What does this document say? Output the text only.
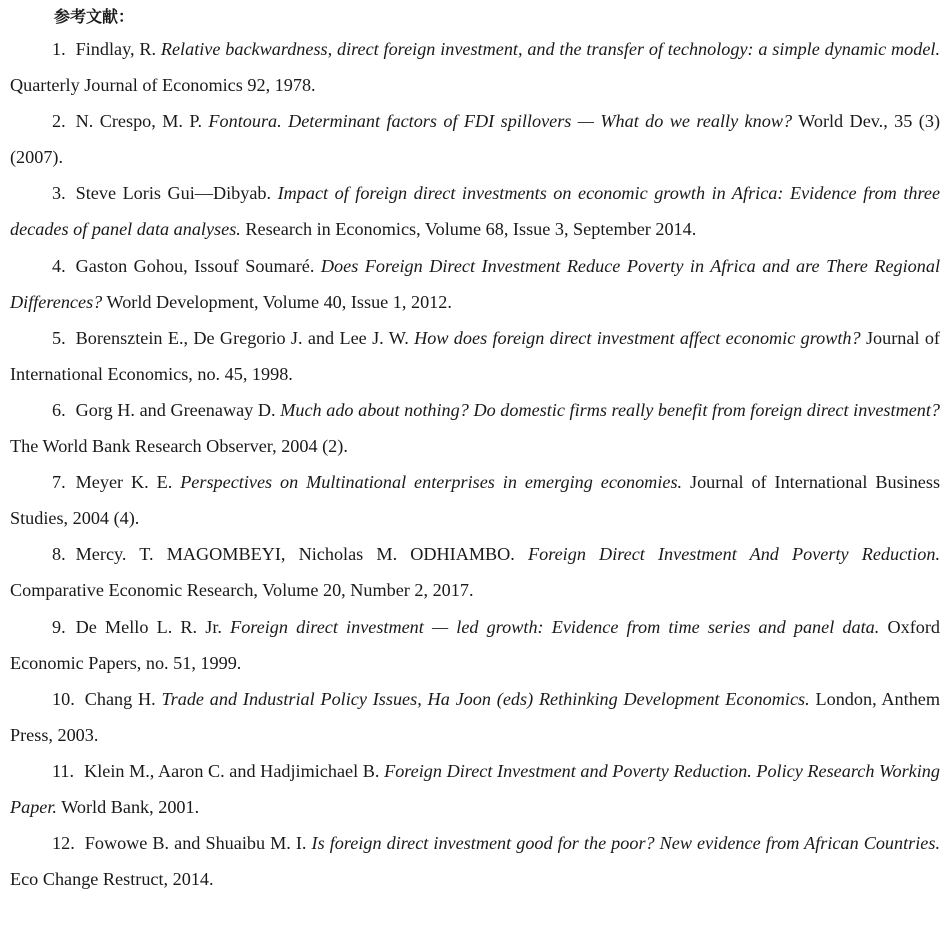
参考文献：

1. Findlay, R. Relative backwardness, direct foreign investment, and the transfer of technology: a simple dynamic model. Quarterly Journal of Economics 92, 1978.

2. N. Crespo, M. P. Fontoura. Determinant factors of FDI spillovers — What do we really know? World Dev., 35 (3) (2007).

3. Steve Loris Gui—Dibyab. Impact of foreign direct investments on economic growth in Africa: Evidence from three decades of panel data analyses. Research in Economics, Volume 68, Issue 3, September 2014.

4. Gaston Gohou, Issouf Soumaré. Does Foreign Direct Investment Reduce Poverty in Africa and are There Regional Differences? World Development, Volume 40, Issue 1, 2012.

5. Borensztein E., De Gregorio J. and Lee J. W. How does foreign direct investment affect economic growth? Journal of International Economics, no. 45, 1998.

6. Gorg H. and Greenaway D. Much ado about nothing? Do domestic firms really benefit from foreign direct investment? The World Bank Research Observer, 2004 (2).

7. Meyer K. E. Perspectives on Multinational enterprises in emerging economies. Journal of International Business Studies, 2004 (4).

8. Mercy. T. MAGOMBEYI, Nicholas M. ODHIAMBO. Foreign Direct Investment And Poverty Reduction. Comparative Economic Research, Volume 20, Number 2, 2017.

9. De Mello L. R. Jr. Foreign direct investment — led growth: Evidence from time series and panel data. Oxford Economic Papers, no. 51, 1999.

10. Chang H. Trade and Industrial Policy Issues, Ha Joon (eds) Rethinking Development Economics. London, Anthem Press, 2003.

11. Klein M., Aaron C. and Hadjimichael B. Foreign Direct Investment and Poverty Reduction. Policy Research Working Paper. World Bank, 2001.

12. Fowowe B. and Shuaibu M. I. Is foreign direct investment good for the poor? New evidence from African Countries. Eco Change Restruct, 2014.
